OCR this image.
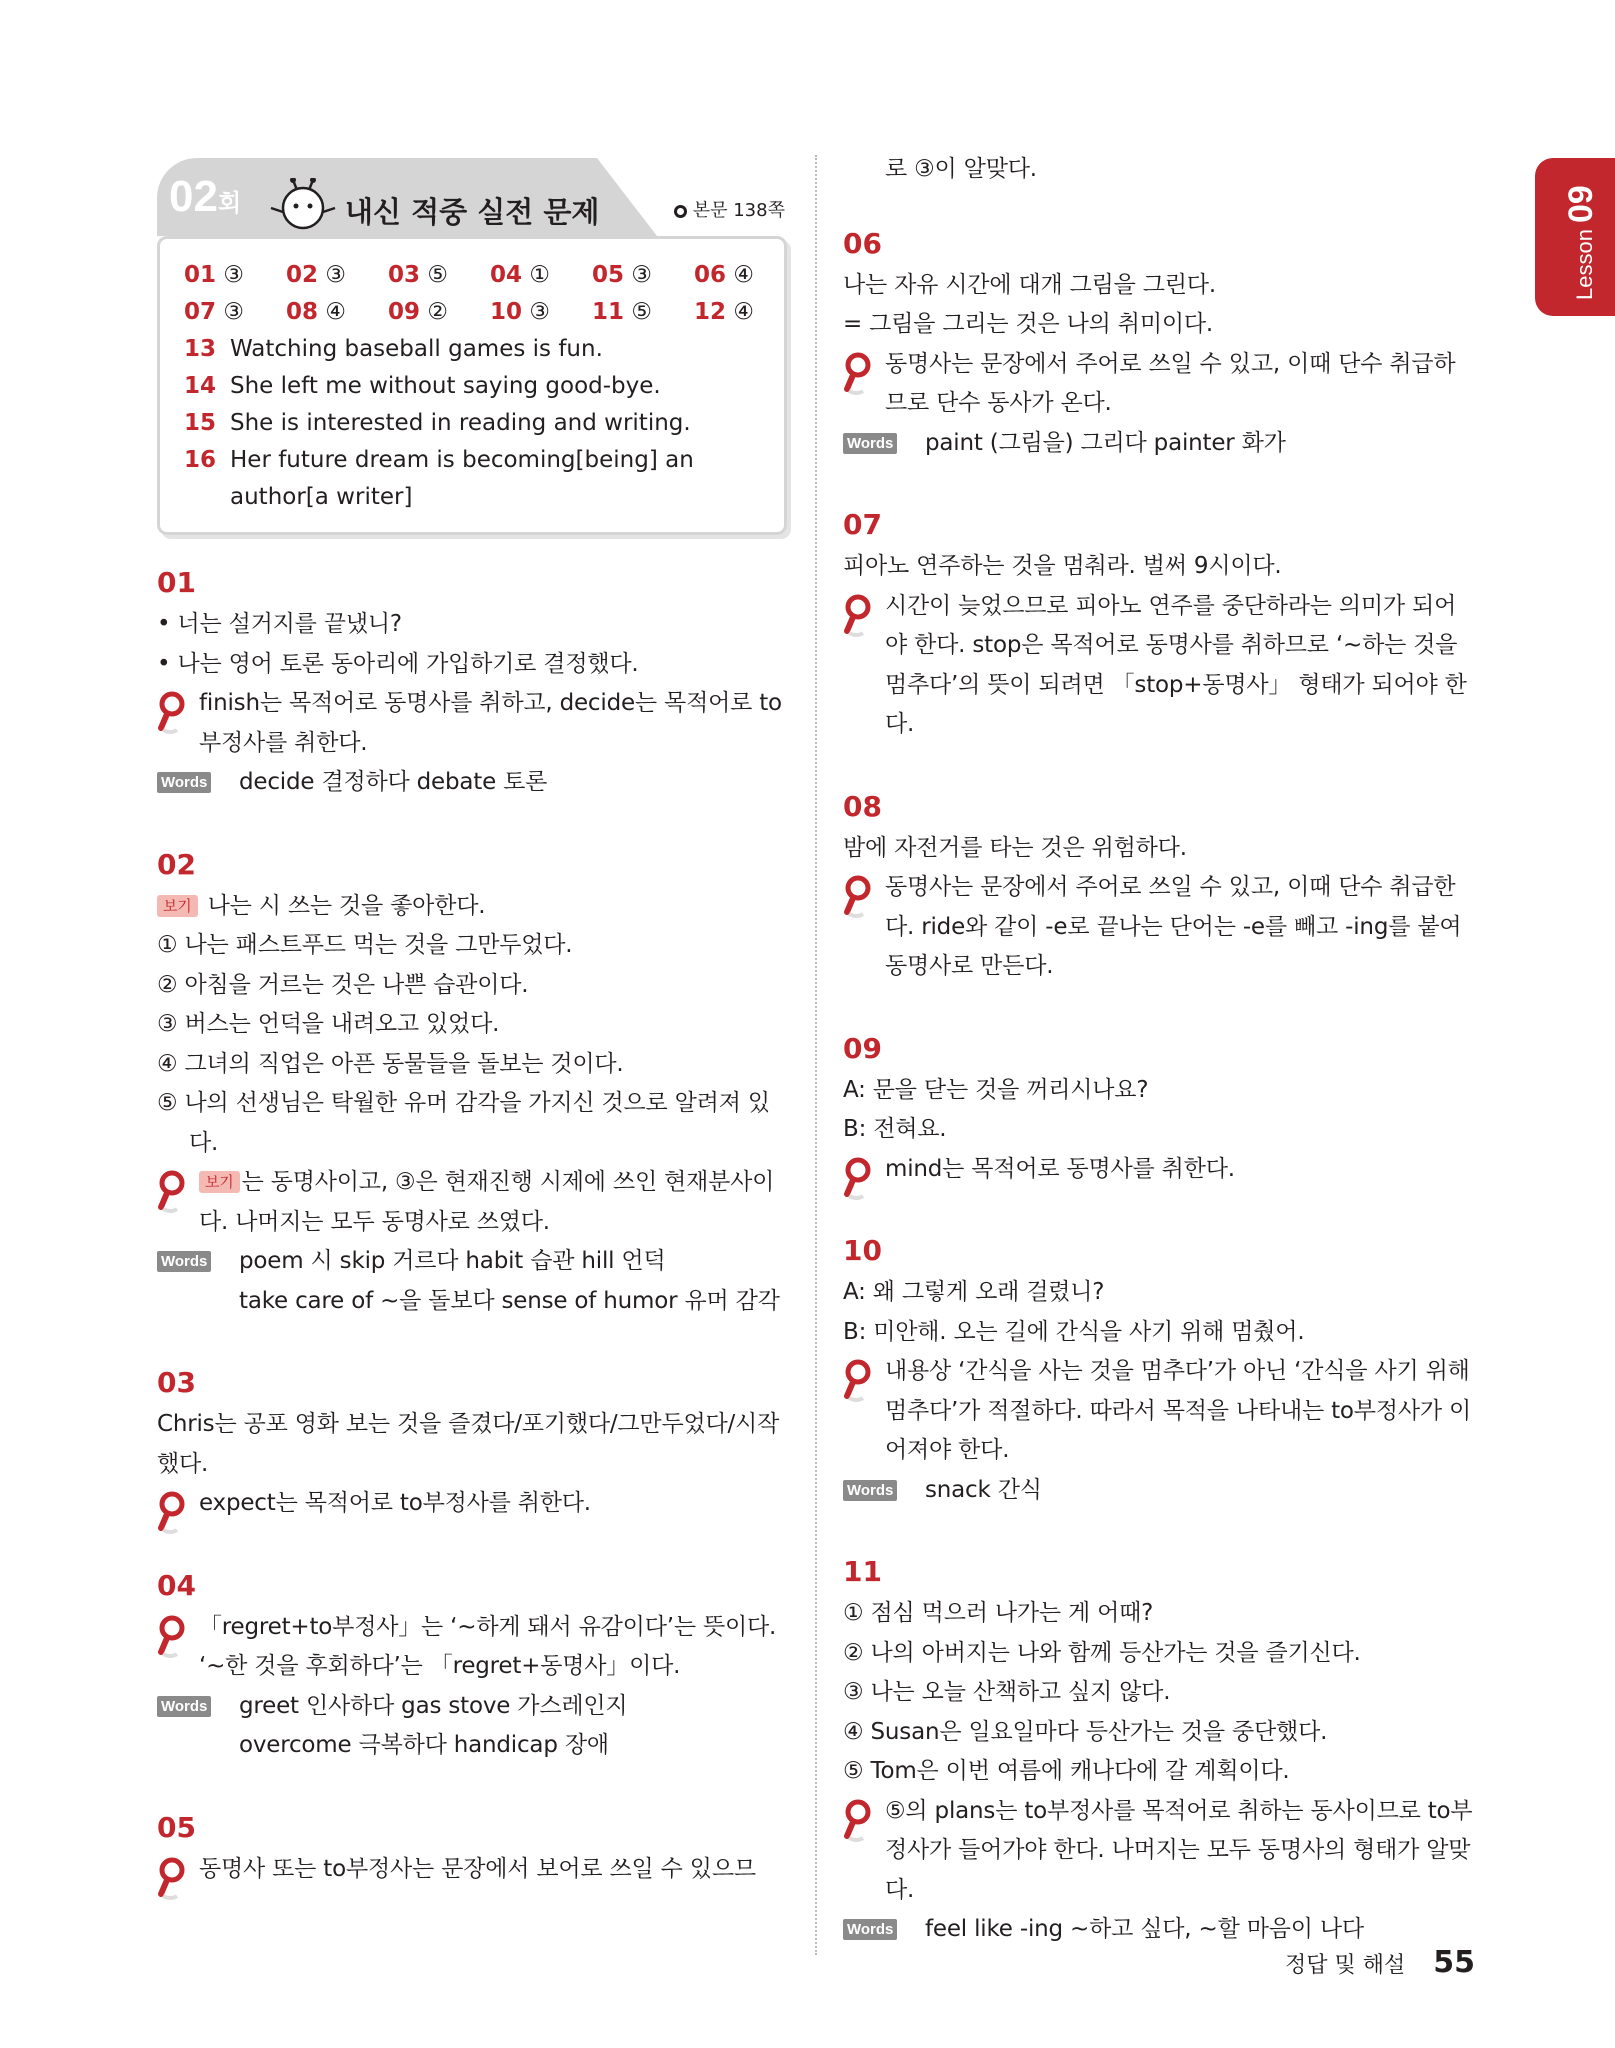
Lesson09
02회	내신 적중 실전 문제	본문 138쪽
01 ③	02 ③	03 ⑤	04 ①	05 ③	06 ④
07 ③	08 ④	09 ②	10 ③	11 ⑤	12 ④
13 Watching baseball games is fun.
14 She left me without saying good-bye.
15 She is interested in reading and writing.
16 Her future dream is becoming[being] an author[a writer]

01

• 너는 설거지를 끝냈니?

• 나는 영어 토론 동아리에 가입하기로 결정했다.

finish는 목적어로 동명사를 취하고, decide는 목적어로 to부정사를 취한다.

Words decide 결정하다 debate 토론

02

보기 나는 시 쓰는 것을 좋아한다.

① 나는 패스트푸드 먹는 것을 그만두었다.

② 아침을 거르는 것은 나쁜 습관이다.

③ 버스는 언덕을 내려오고 있었다.

④ 그녀의 직업은 아픈 동물들을 돌보는 것이다.

⑤ 나의 선생님은 탁월한 유머 감각을 가지신 것으로 알려져 있다.

보기 는 동명사이고, ③은 현재진행 시제에 쓰인 현재분사이다. 나머지는 모두 동명사로 쓰였다.

Words poem 시 skip 거르다 habit 습관 hill 언덕

take care of ~을 돌보다 sense of humor 유머 감각

03

Chris는 공포 영화 보는 것을 즐겼다/포기했다/그만두었다/시작했다.

expect는 목적어로 to부정사를 취한다.

04

「regret+to부정사」는 ‘~하게 돼서 유감이다’는 뜻이다. ‘~한 것을 후회하다’는 「regret+동명사」이다.

Words greet 인사하다 gas stove 가스레인지

overcome 극복하다 handicap 장애

05

동명사 또는 to부정사는 문장에서 보어로 쓰일 수 있으므

로 ③이 알맞다.

06

나는 자유 시간에 대개 그림을 그린다.

= 그림을 그리는 것은 나의 취미이다.

동명사는 문장에서 주어로 쓰일 수 있고, 이때 단수 취급하므로 단수 동사가 온다.

Words paint (그림을) 그리다 painter 화가

07

피아노 연주하는 것을 멈춰라. 벌써 9시이다.

시간이 늦었으므로 피아노 연주를 중단하라는 의미가 되어야 한다. stop은 목적어로 동명사를 취하므로 ‘~하는 것을 멈추다’의 뜻이 되려면 「stop+동명사」 형태가 되어야 한다.

08

밤에 자전거를 타는 것은 위험하다.

동명사는 문장에서 주어로 쓰일 수 있고, 이때 단수 취급한다. ride와 같이 -e로 끝나는 단어는 -e를 빼고 -ing를 붙여 동명사로 만든다.

09

A: 문을 닫는 것을 꺼리시나요?

B: 전혀요.

mind는 목적어로 동명사를 취한다.

10

A: 왜 그렇게 오래 걸렸니?

B: 미안해. 오는 길에 간식을 사기 위해 멈췄어.

내용상 ‘간식을 사는 것을 멈추다’가 아닌 ‘간식을 사기 위해 멈추다’가 적절하다. 따라서 목적을 나타내는 to부정사가 이어져야 한다.

Words snack 간식

11

① 점심 먹으러 나가는 게 어때?

② 나의 아버지는 나와 함께 등산가는 것을 즐기신다.

③ 나는 오늘 산책하고 싶지 않다.

④ Susan은 일요일마다 등산가는 것을 중단했다.

⑤ Tom은 이번 여름에 캐나다에 갈 계획이다.

⑤의 plans는 to부정사를 목적어로 취하는 동사이므로 to부정사가 들어가야 한다. 나머지는 모두 동명사의 형태가 알맞다.

Words feel like -ing ~하고 싶다, ~할 마음이 나다

정답 및 해설 55
